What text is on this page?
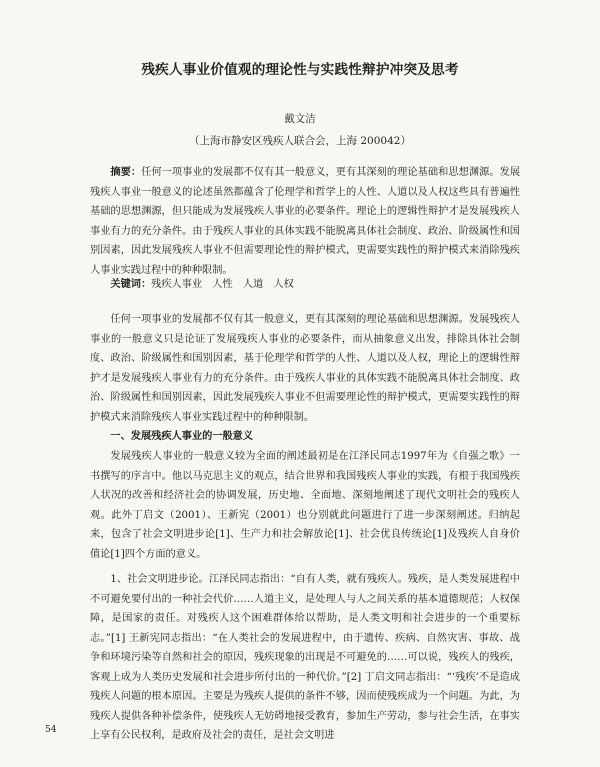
残疾人事业价值观的理论性与实践性辩护冲突及思考
戴文洁
（上海市静安区残疾人联合会，上海 200042）
摘要：任何一项事业的发展都不仅有其一般意义，更有其深刻的理论基础和思想渊源。发展残疾人事业一般意义的论述虽然都蕴含了伦理学和哲学上的人性、人道以及人权这些具有普遍性基础的思想渊源，但只能成为发展残疾人事业的必要条件。理论上的逻辑性辩护才是发展残疾人事业有力的充分条件。由于残疾人事业的具体实践不能脱离具体社会制度、政治、阶级属性和国别因素，因此发展残疾人事业不但需要理论性的辩护模式，更需要实践性的辩护模式来消除残疾人事业实践过程中的种种限制。
关键词：残疾人事业　人性　人道　人权

任何一项事业的发展都不仅有其一般意义，更有其深刻的理论基础和思想渊源。发展残疾人事业的一般意义只是论证了发展残疾人事业的必要条件，而从抽象意义出发，排除具体社会制度、政治、阶级属性和国别因素，基于伦理学和哲学的人性、人道以及人权，理论上的逻辑性辩护才是发展残疾人事业有力的充分条件。由于残疾人事业的具体实践不能脱离具体社会制度、政治、阶级属性和国别因素，因此发展残疾人事业不但需要理论性的辩护模式，更需要实践性的辩护模式来消除残疾人事业实践过程中的种种限制。

一、发展残疾人事业的一般意义

发展残疾人事业的一般意义较为全面的阐述最初是在江泽民同志1997年为《自强之歌》一书撰写的序言中。他以马克思主义的观点，结合世界和我国残疾人事业的实践，有根于我国残疾人状况的改善和经济社会的协调发展，历史地、全面地、深刻地阐述了现代文明社会的残疾人观。此外丁启文（2001）、王新宪（2001）也分别就此问题进行了进一步深刻阐述。归纳起来，包含了社会文明进步论[1]、生产力和社会解放论[1]、社会优良传统论[1]及残疾人自身价值论[1]四个方面的意义。

1、社会文明进步论。江泽民同志指出：“自有人类，就有残疾人。残疾，是人类发展进程中不可避免要付出的一种社会代价……人道主义，是处理人与人之间关系的基本道德规范；人权保障，是国家的责任。对残疾人这个困难群体给以帮助，是人类文明和社会进步的一个重要标志。”[1] 王新宪同志指出：“在人类社会的发展进程中，由于遗传、疾病、自然灾害、事故、战争和环境污染等自然和社会的原因，残疾现象的出现是不可避免的……可以说，残疾人的残疾，客观上成为人类历史发展和社会进步所付出的一种代价。”[2] 丁启文同志指出：“‘残疾’不是造成残疾人问题的根本原因。主要是为残疾人提供的条件不够，因而使残疾成为一个问题。为此，为残疾人提供各种补偿条件，使残疾人无妨碍地接受教育，参加生产劳动，参与社会生活，在事实上享有公民权利，是政府及社会的责任，是社会文明进

54
